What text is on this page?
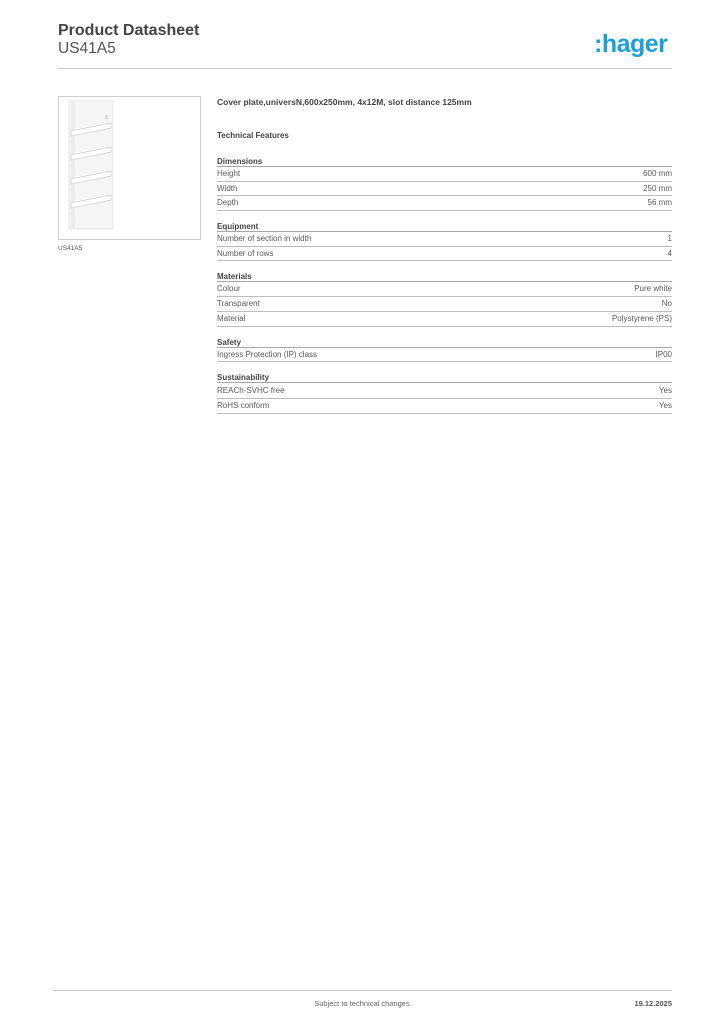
Product Datasheet
US41A5	:hager
US41A5
Cover plate,universN,600x250mm, 4x12M, slot distance 125mm
Technical Features
Dimensions
Height	600 mm
Width	250 mm
Depth	56 mm
Equipment
Number of section in width	1
Number of rows	4
Materials
Colour	Pure white
Transparent	No
Material	Polystyrene (PS)
Safety
Ingress Protection (IP) class	IP00
Sustainability
REACh-SVHC free	Yes
RoHS conform	Yes
Subject to technical changes	19.12.2025
